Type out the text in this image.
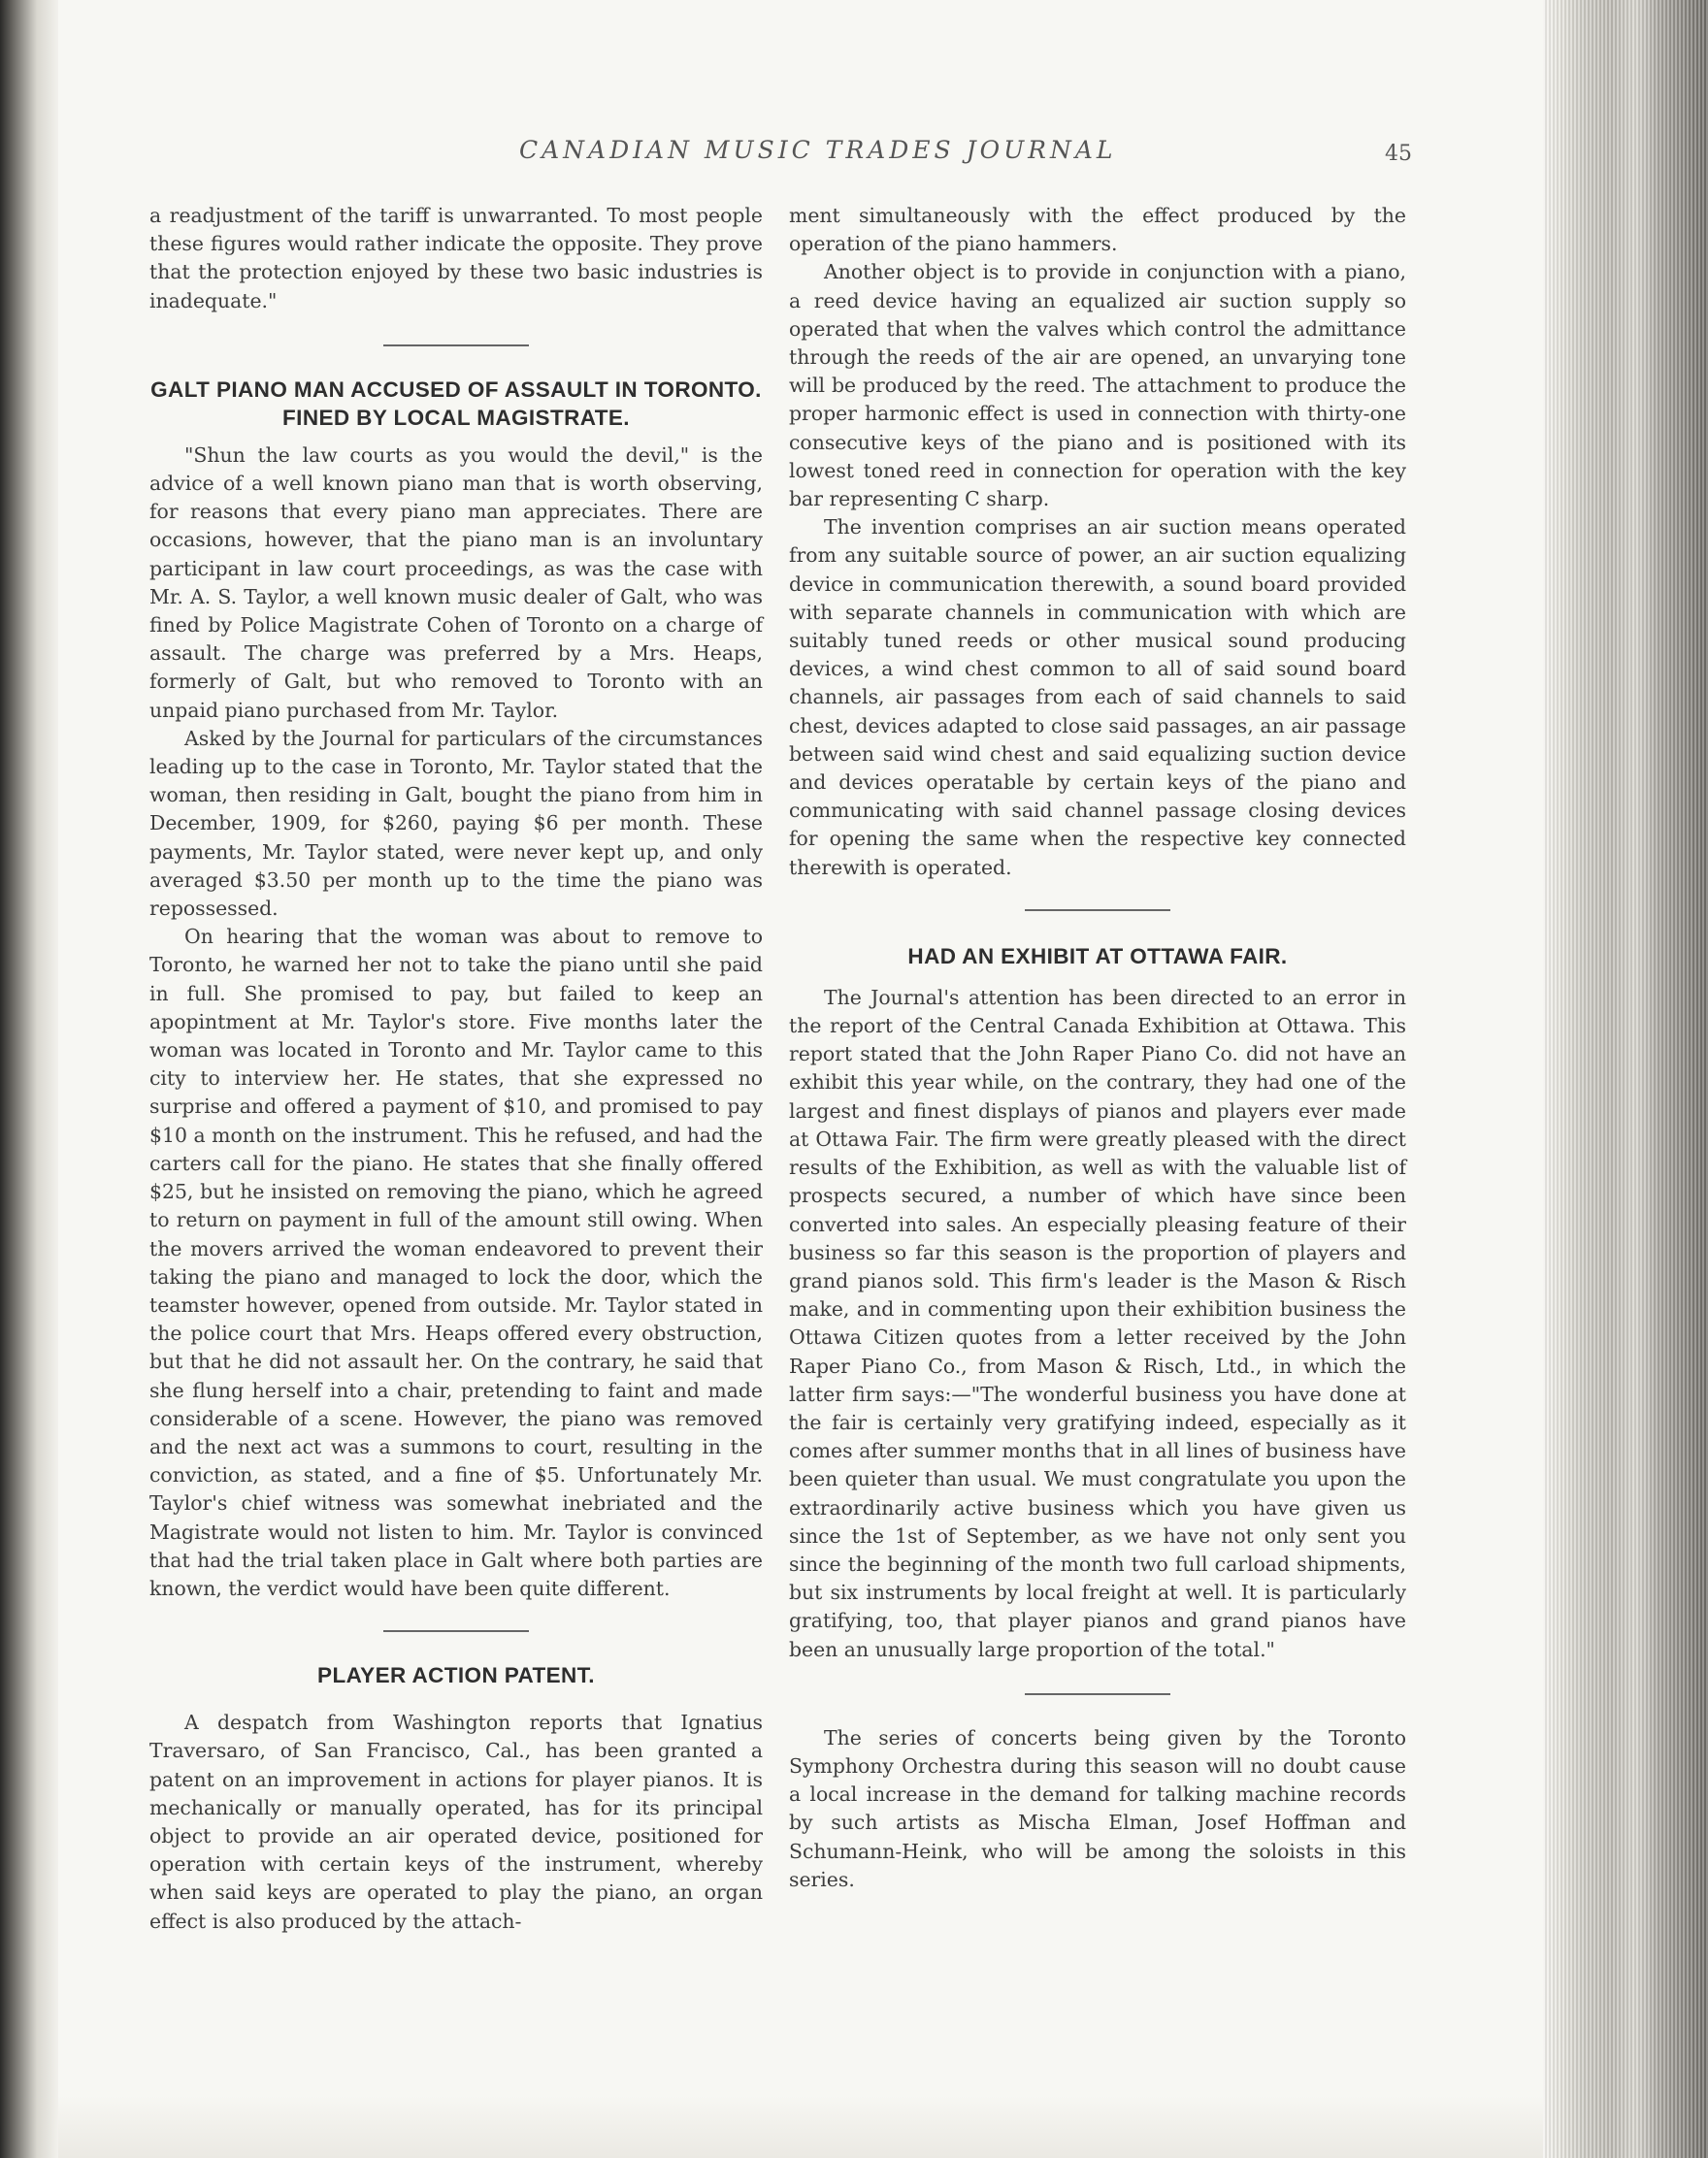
CANADIAN MUSIC TRADES JOURNAL	45

a readjustment of the tariff is unwarranted. To most people these figures would rather indicate the opposite. They prove that the protection enjoyed by these two basic industries is inadequate."

GALT PIANO MAN ACCUSED OF ASSAULT IN TORONTO. FINED BY LOCAL MAGISTRATE.

"Shun the law courts as you would the devil," is the advice of a well known piano man that is worth observing, for reasons that every piano man appreciates. There are occasions, however, that the piano man is an involuntary participant in law court proceedings, as was the case with Mr. A. S. Taylor, a well known music dealer of Galt, who was fined by Police Magistrate Cohen of Toronto on a charge of assault. The charge was preferred by a Mrs. Heaps, formerly of Galt, but who removed to Toronto with an unpaid piano purchased from Mr. Taylor.

Asked by the Journal for particulars of the circumstances leading up to the case in Toronto, Mr. Taylor stated that the woman, then residing in Galt, bought the piano from him in December, 1909, for $260, paying $6 per month. These payments, Mr. Taylor stated, were never kept up, and only averaged $3.50 per month up to the time the piano was repossessed.

On hearing that the woman was about to remove to Toronto, he warned her not to take the piano until she paid in full. She promised to pay, but failed to keep an apopintment at Mr. Taylor's store. Five months later the woman was located in Toronto and Mr. Taylor came to this city to interview her. He states, that she expressed no surprise and offered a payment of $10, and promised to pay $10 a month on the instrument. This he refused, and had the carters call for the piano. He states that she finally offered $25, but he insisted on removing the piano, which he agreed to return on payment in full of the amount still owing. When the movers arrived the woman endeavored to prevent their taking the piano and managed to lock the door, which the teamster however, opened from outside. Mr. Taylor stated in the police court that Mrs. Heaps offered every obstruction, but that he did not assault her. On the contrary, he said that she flung herself into a chair, pretending to faint and made considerable of a scene. However, the piano was removed and the next act was a summons to court, resulting in the conviction, as stated, and a fine of $5. Unfortunately Mr. Taylor's chief witness was somewhat inebriated and the Magistrate would not listen to him. Mr. Taylor is convinced that had the trial taken place in Galt where both parties are known, the verdict would have been quite different.

PLAYER ACTION PATENT.

A despatch from Washington reports that Ignatius Traversaro, of San Francisco, Cal., has been granted a patent on an improvement in actions for player pianos. It is mechanically or manually operated, has for its principal object to provide an air operated device, positioned for operation with certain keys of the instrument, whereby when said keys are operated to play the piano, an organ effect is also produced by the attach-

ment simultaneously with the effect produced by the operation of the piano hammers.

Another object is to provide in conjunction with a piano, a reed device having an equalized air suction supply so operated that when the valves which control the admittance through the reeds of the air are opened, an unvarying tone will be produced by the reed. The attachment to produce the proper harmonic effect is used in connection with thirty-one consecutive keys of the piano and is positioned with its lowest toned reed in connection for operation with the key bar representing C sharp.

The invention comprises an air suction means operated from any suitable source of power, an air suction equalizing device in communication therewith, a sound board provided with separate channels in communication with which are suitably tuned reeds or other musical sound producing devices, a wind chest common to all of said sound board channels, air passages from each of said channels to said chest, devices adapted to close said passages, an air passage between said wind chest and said equalizing suction device and devices operatable by certain keys of the piano and communicating with said channel passage closing devices for opening the same when the respective key connected therewith is operated.

HAD AN EXHIBIT AT OTTAWA FAIR.

The Journal's attention has been directed to an error in the report of the Central Canada Exhibition at Ottawa. This report stated that the John Raper Piano Co. did not have an exhibit this year while, on the contrary, they had one of the largest and finest displays of pianos and players ever made at Ottawa Fair. The firm were greatly pleased with the direct results of the Exhibition, as well as with the valuable list of prospects secured, a number of which have since been converted into sales. An especially pleasing feature of their business so far this season is the proportion of players and grand pianos sold. This firm's leader is the Mason & Risch make, and in commenting upon their exhibition business the Ottawa Citizen quotes from a letter received by the John Raper Piano Co., from Mason & Risch, Ltd., in which the latter firm says:—"The wonderful business you have done at the fair is certainly very gratifying indeed, especially as it comes after summer months that in all lines of business have been quieter than usual. We must congratulate you upon the extraordinarily active business which you have given us since the 1st of September, as we have not only sent you since the beginning of the month two full carload shipments, but six instruments by local freight at well. It is particularly gratifying, too, that player pianos and grand pianos have been an unusually large proportion of the total."

The series of concerts being given by the Toronto Symphony Orchestra during this season will no doubt cause a local increase in the demand for talking machine records by such artists as Mischa Elman, Josef Hoffman and Schumann-Heink, who will be among the soloists in this series.
